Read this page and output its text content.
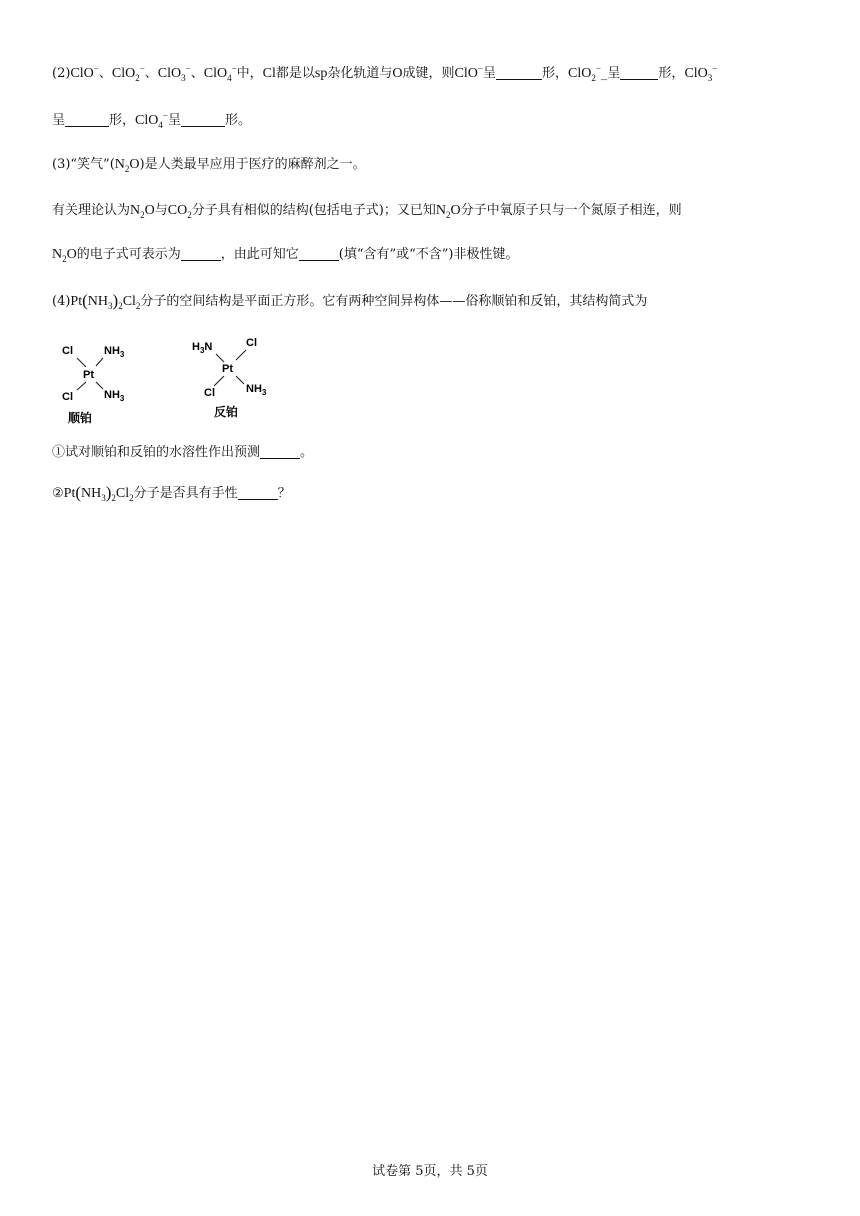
(2)ClO−、ClO$_2$−、ClO$_3$−、ClO$_4$−中，Cl都是以sp杂化轨道与O成键，则ClO−呈	形，ClO$_2$−_呈	形，ClO$_3$−
呈	形，ClO$_4$−呈	形。
(3)“笑气$”(N_2O)$是人类最早应用于医疗的麻醉剂之一。
有关理论认为$N_2O$与$CO_2$分子具有相似的结构(包括电子式)；又已知$N_2O$分子中氧原子只与一个氮原子相连，则
$N_2O$的电子式可表示为	，由此可知它	(填“含有”或“不含”)非极性键。
$(4)Pt(NH_3)_2Cl_2$分子的空间结构是平面正方形。它有两种空间异构体——俗称顺铂和反铂，其结构简式为
Cl	$NH_3$
Pt
Cl	$NH_3$
顺铂
$H_3N$	Cl
Pt
Cl	$NH_3$
反铂
①试对顺铂和反铂的水溶性作出预测	。
$②Pt(NH_3)_2Cl_2$分子是否具有手性	？
试卷第 5页，共 5页
